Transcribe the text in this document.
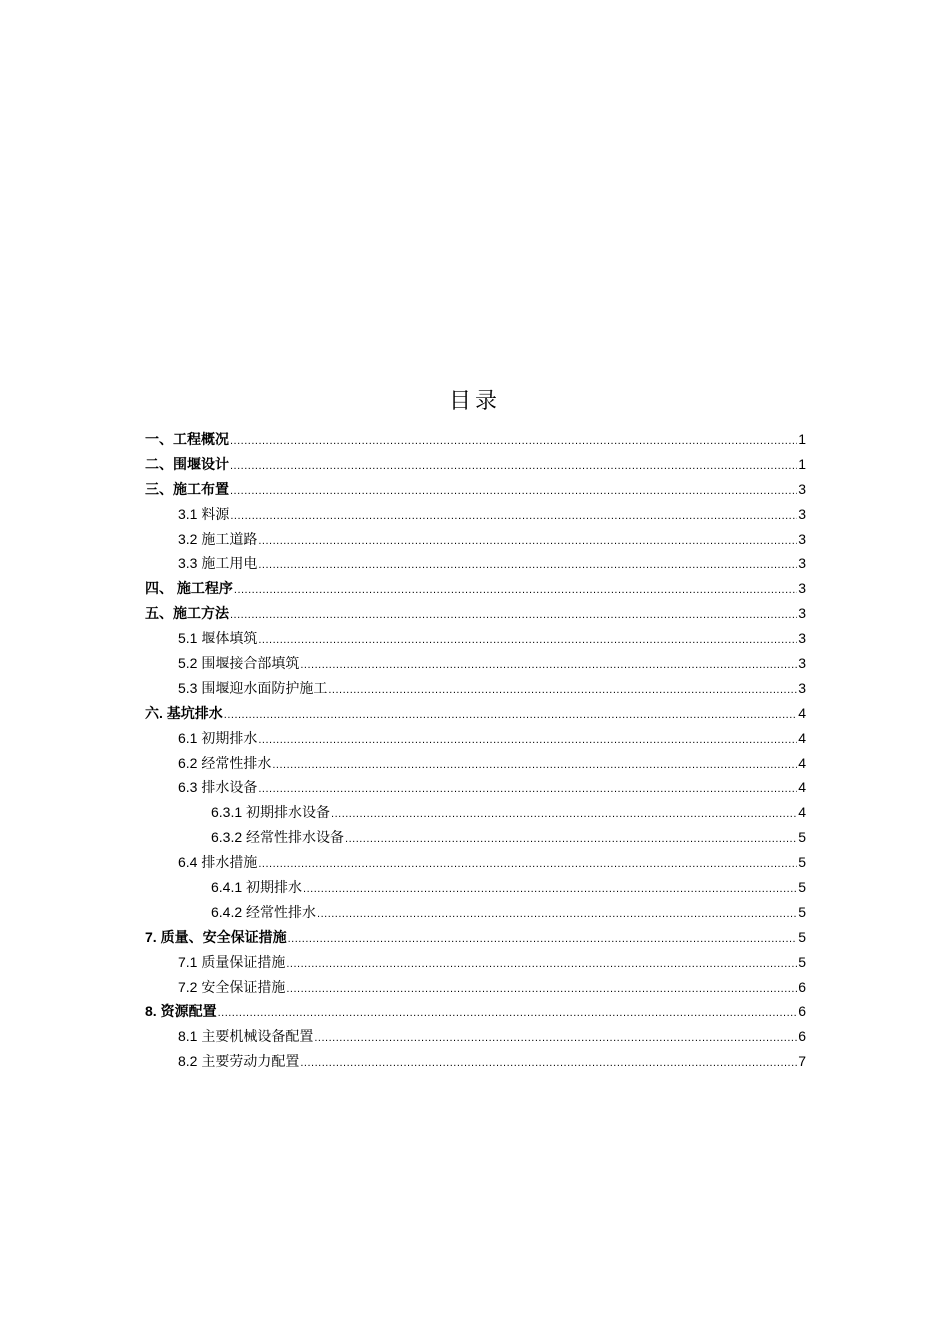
目录
一、工程概况 .....	1
二、围堰设计 .....	1
三、施工布置 .....	3
3.1 料源 .....	3
3.2 施工道路 .....	3
3.3 施工用电 .....	3
四、 施工程序 .....	3
五、施工方法 .....	3
5.1 堰体填筑 .....	3
5.2 围堰接合部填筑 .....	3
5.3 围堰迎水面防护施工 .....	3
六. 基坑排水 .....	4
6.1 初期排水 .....	4
6.2 经常性排水 .....	4
6.3 排水设备 .....	4
6.3.1 初期排水设备 .....	4
6.3.2 经常性排水设备 .....	5
6.4 排水措施 .....	5
6.4.1 初期排水 .....	5
6.4.2 经常性排水 .....	5
7. 质量、安全保证措施 .....	5
7.1 质量保证措施 .....	5
7.2 安全保证措施 .....	6
8. 资源配置 .....	6
8.1 主要机械设备配置 .....	6
8.2 主要劳动力配置 .....	7
